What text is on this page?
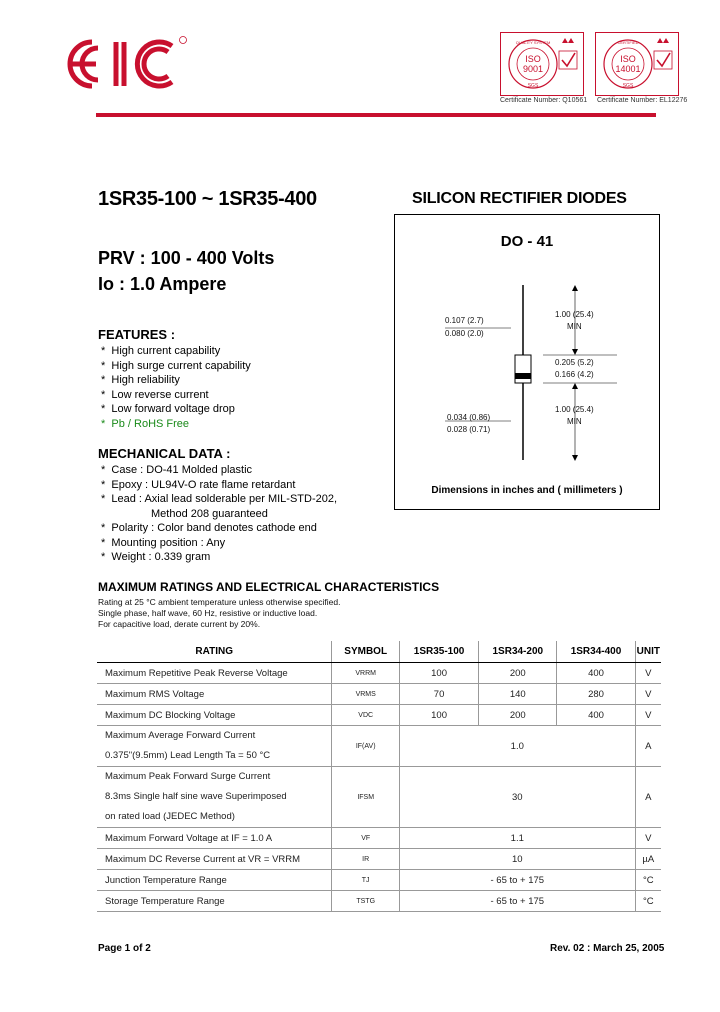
ISO
9001
QUALITY SYSTEM
SGS
Certificate Number: Q10561
ISO
14001
CERTIFIED
SGS
Certificate Number: EL12276
1SR35-100 ~ 1SR35-400	SILICON RECTIFIER DIODES
PRV : 100 - 400 Volts
Io : 1.0 Ampere
FEATURES :
*  High current capability
*  High surge current capability
*  High reliability
*  Low reverse current
*  Low forward voltage drop
*  Pb / RoHS Free
MECHANICAL DATA :
*  Case : DO-41 Molded plastic
*  Epoxy : UL94V-O rate flame retardant
*  Lead : Axial lead solderable per MIL-STD-202,
Method 208 guaranteed
*  Polarity : Color band denotes cathode end
*  Mounting position : Any
*  Weight : 0.339 gram
DO - 41
0.107 (2.7)
0.080 (2.0)
1.00 (25.4)
MIN
0.205 (5.2)
0.166 (4.2)
0.034 (0.86)
0.028 (0.71)
1.00 (25.4)
MIN
Dimensions in inches and ( millimeters )
MAXIMUM RATINGS AND ELECTRICAL CHARACTERISTICS
Rating at 25 °C ambient temperature unless otherwise specified.
Single phase, half wave, 60 Hz, resistive or inductive load.
For capacitive load, derate current by 20%.
RATING	SYMBOL	1SR35-100	1SR34-200	1SR34-400	UNIT
Maximum Repetitive Peak Reverse Voltage	VRRM	100	200	400	V
Maximum RMS Voltage	VRMS	70	140	280	V
Maximum DC Blocking Voltage	VDC	100	200	400	V

Maximum Average Forward Current
0.375"(9.5mm) Lead Length Ta = 50 °C	IF(AV)	1.0			A

Maximum Peak Forward Surge Current
8.3ms Single half sine wave Superimposed
on rated load (JEDEC Method)	IFSM	30			A
Maximum Forward Voltage at IF = 1.0 A	VF	1.1			V
Maximum DC Reverse Current at VR = VRRM	IR	10			µA
Junction Temperature Range	TJ	- 65 to + 175			°C
Storage Temperature Range	TSTG	- 65 to + 175			°C
Page 1 of 2	Rev. 02 : March 25, 2005
